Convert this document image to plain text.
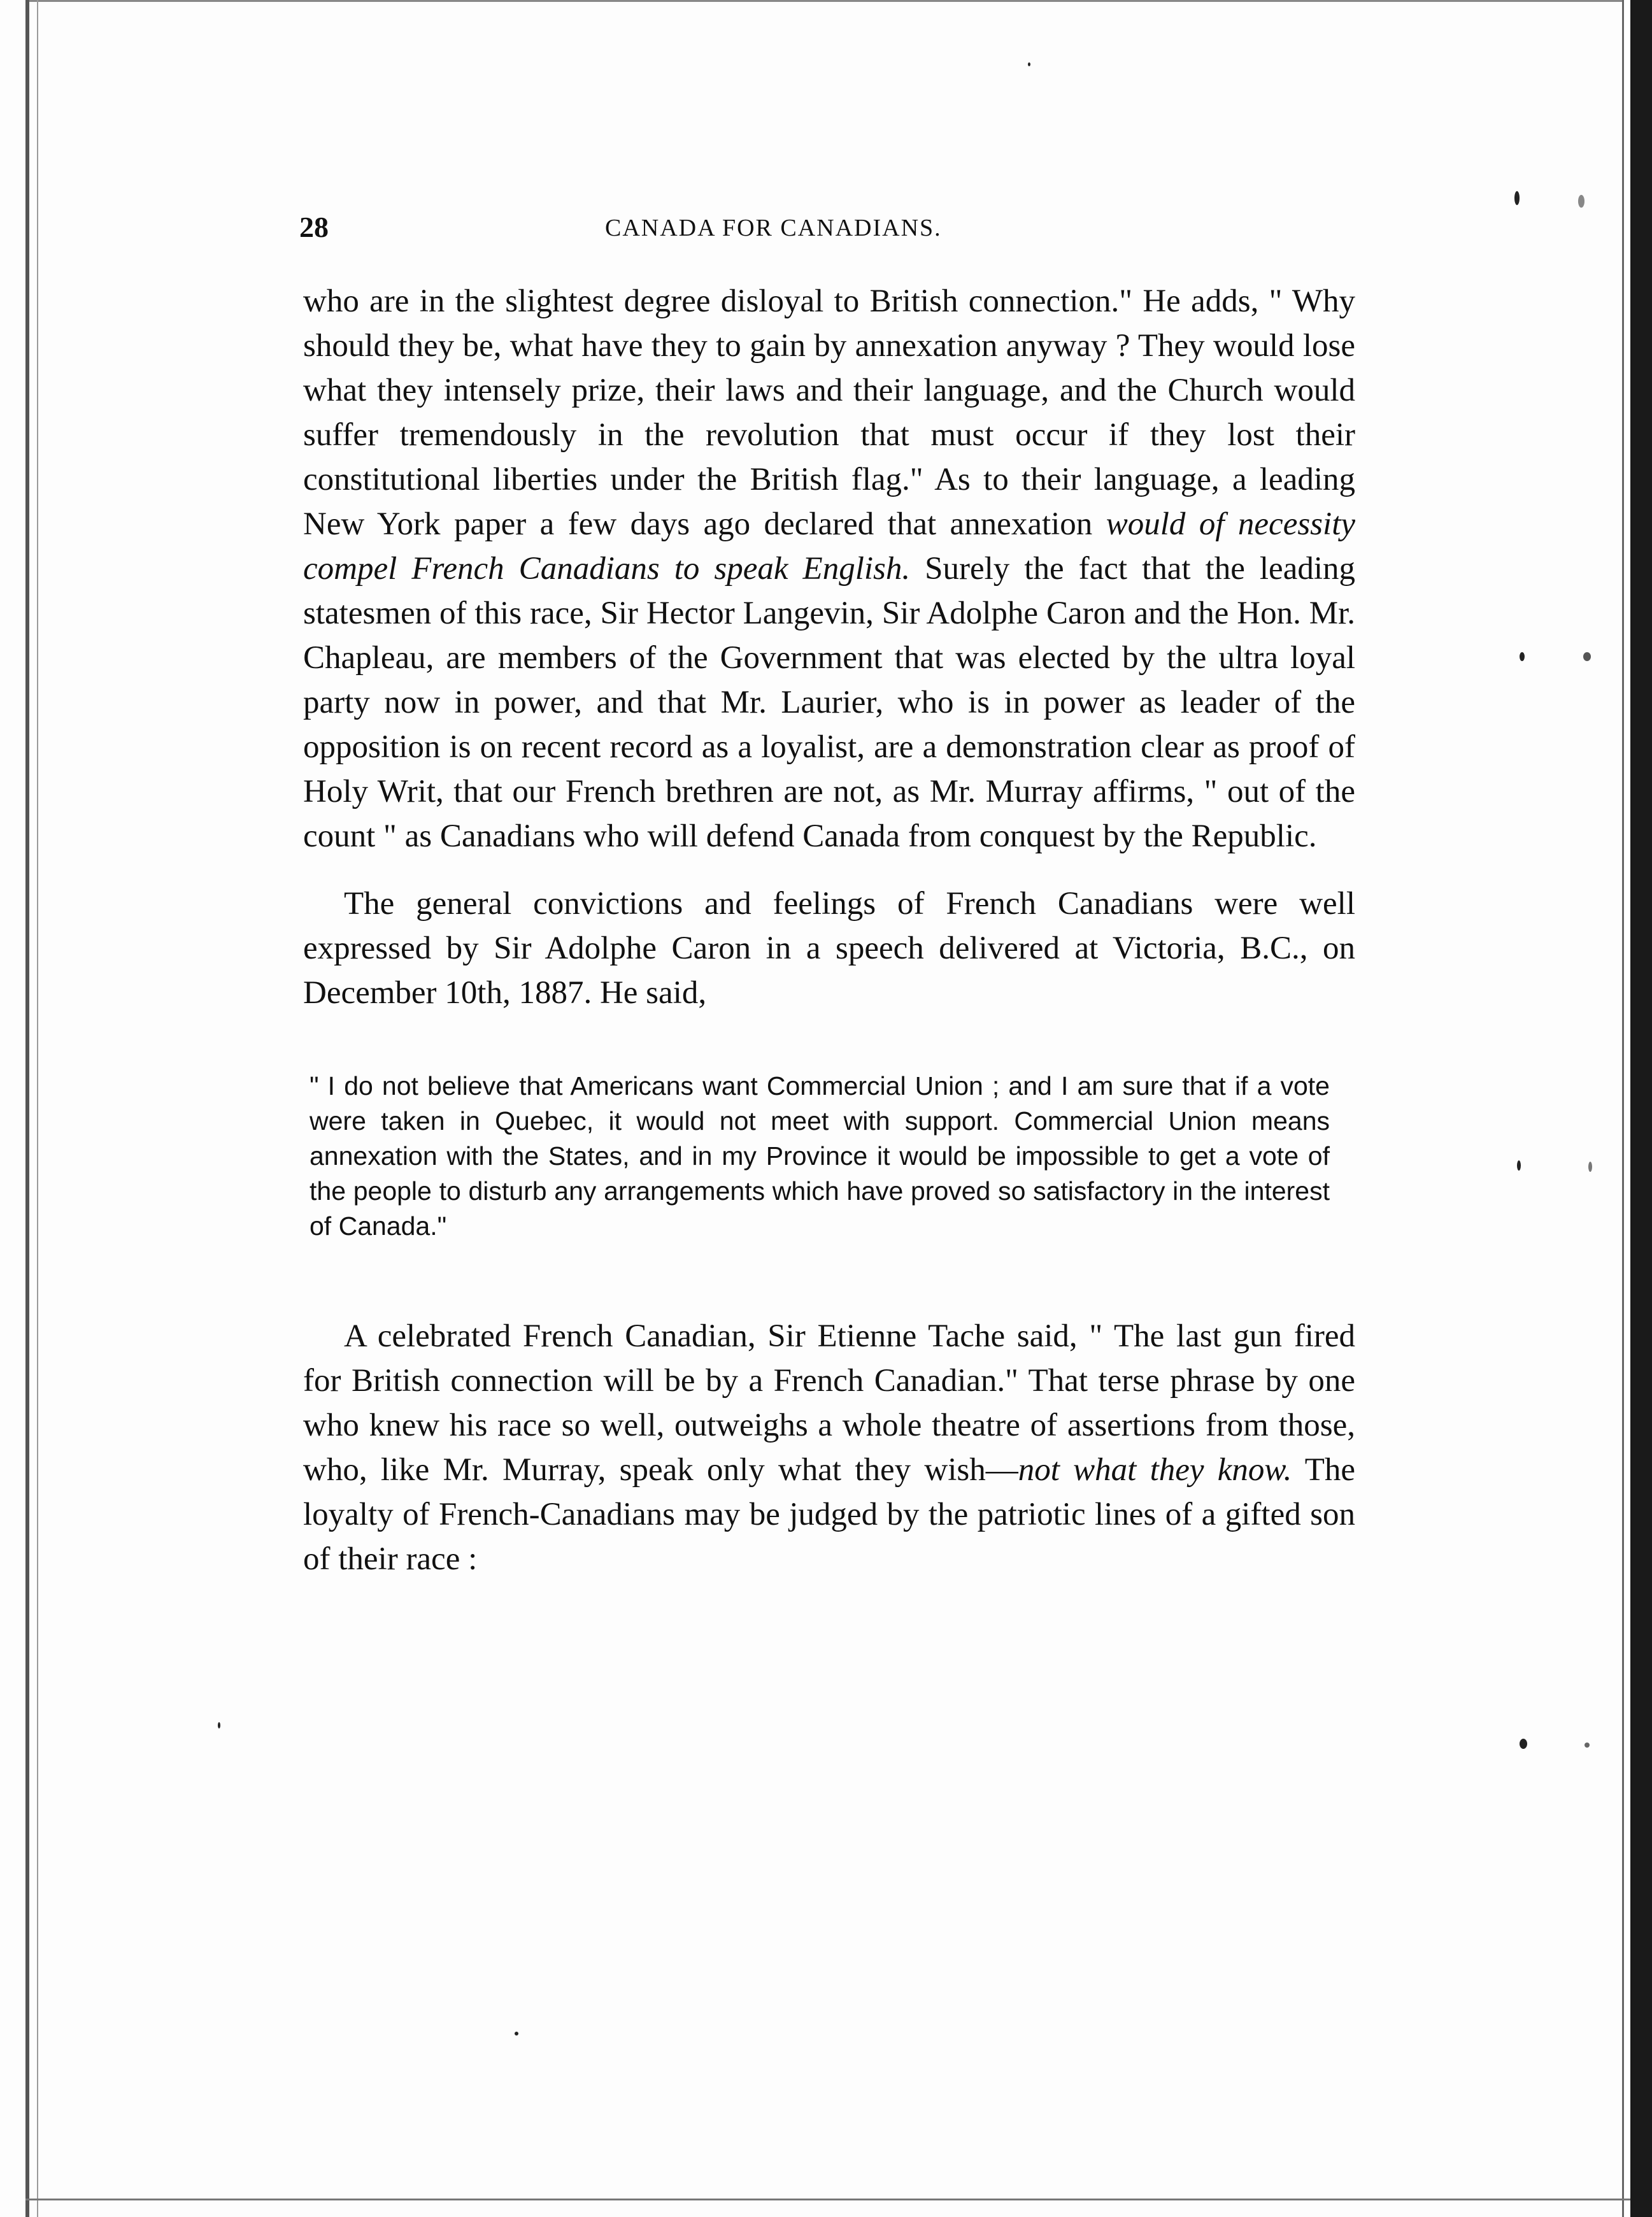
28	CANADA FOR CANADIANS.

who are in the slightest degree disloyal to British connection." He adds, " Why should they be, what have they to gain by annexation anyway ? They would lose what they intensely prize, their laws and their language, and the Church would suffer tremendously in the revolution that must occur if they lost their constitutional liberties under the British flag." As to their language, a leading New York paper a few days ago declared that annexation would of necessity compel French Canadians to speak English. Surely the fact that the leading statesmen of this race, Sir Hector Langevin, Sir Adolphe Caron and the Hon. Mr. Chapleau, are members of the Government that was elected by the ultra loyal party now in power, and that Mr. Laurier, who is in power as leader of the opposition is on recent record as a loyalist, are a demonstration clear as proof of Holy Writ, that our French brethren are not, as Mr. Murray affirms, " out of the count " as Canadians who will defend Canada from conquest by the Republic.

The general convictions and feelings of French Canadians were well expressed by Sir Adolphe Caron in a speech delivered at Victoria, B.C., on December 10th, 1887. He said,

" I do not believe that Americans want Commercial Union ; and I am sure that if a vote were taken in Quebec, it would not meet with support. Commercial Union means annexation with the States, and in my Province it would be impossible to get a vote of the people to disturb any arrangements which have proved so satisfactory in the interest of Canada."

A celebrated French Canadian, Sir Etienne Tache said, " The last gun fired for British connection will be by a French Canadian." That terse phrase by one who knew his race so well, outweighs a whole theatre of assertions from those, who, like Mr. Murray, speak only what they wish—not what they know. The loyalty of French-Canadians may be judged by the patriotic lines of a gifted son of their race :
